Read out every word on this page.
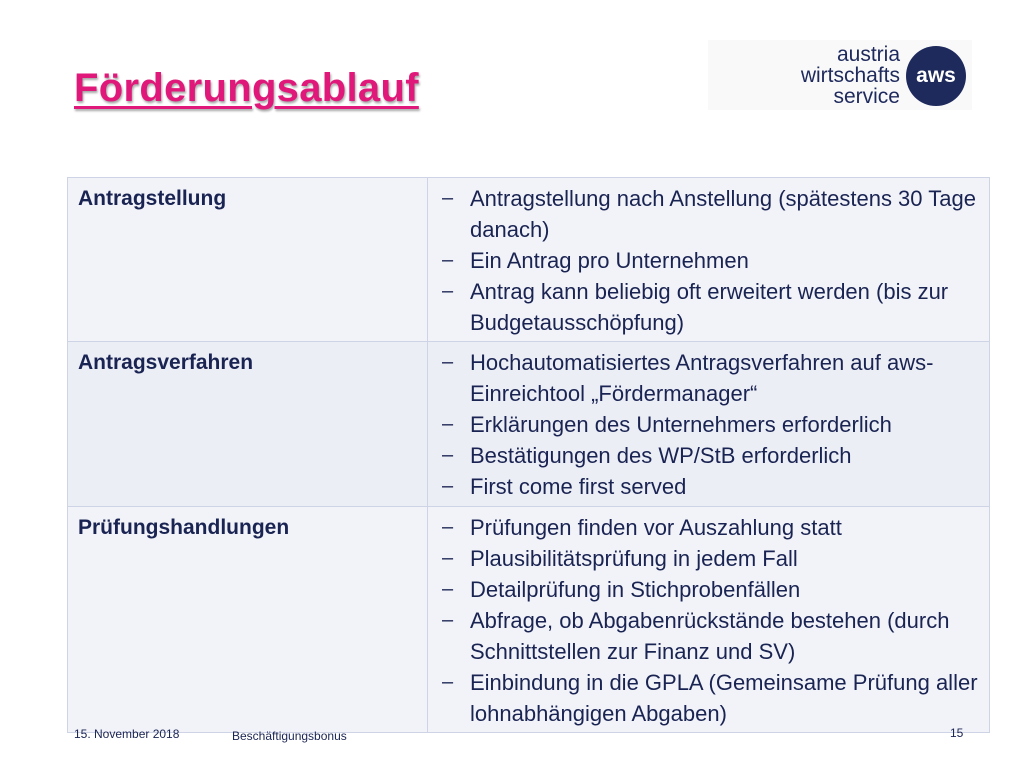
Förderungsablauf
austria
wirtschafts
service
aws
Antragstellung	– Antragstellung nach Anstellung (spätestens 30 Tage danach)
– Ein Antrag pro Unternehmen
– Antrag kann beliebig oft erweitert werden (bis zur Budgetausschöpfung)
Antragsverfahren	– Hochautomatisiertes Antragsverfahren auf aws-Einreichtool „Fördermanager“
– Erklärungen des Unternehmers erforderlich
– Bestätigungen des WP/StB erforderlich
– First come first served
Prüfungshandlungen	– Prüfungen finden vor Auszahlung statt
– Plausibilitätsprüfung in jedem Fall
– Detailprüfung in Stichprobenfällen
– Abfrage, ob Abgabenrückstände bestehen (durch Schnittstellen zur Finanz und SV)
– Einbindung in die GPLA (Gemeinsame Prüfung aller lohnabhängigen Abgaben)
15. November 2018	Beschäftigungsbonus	15
